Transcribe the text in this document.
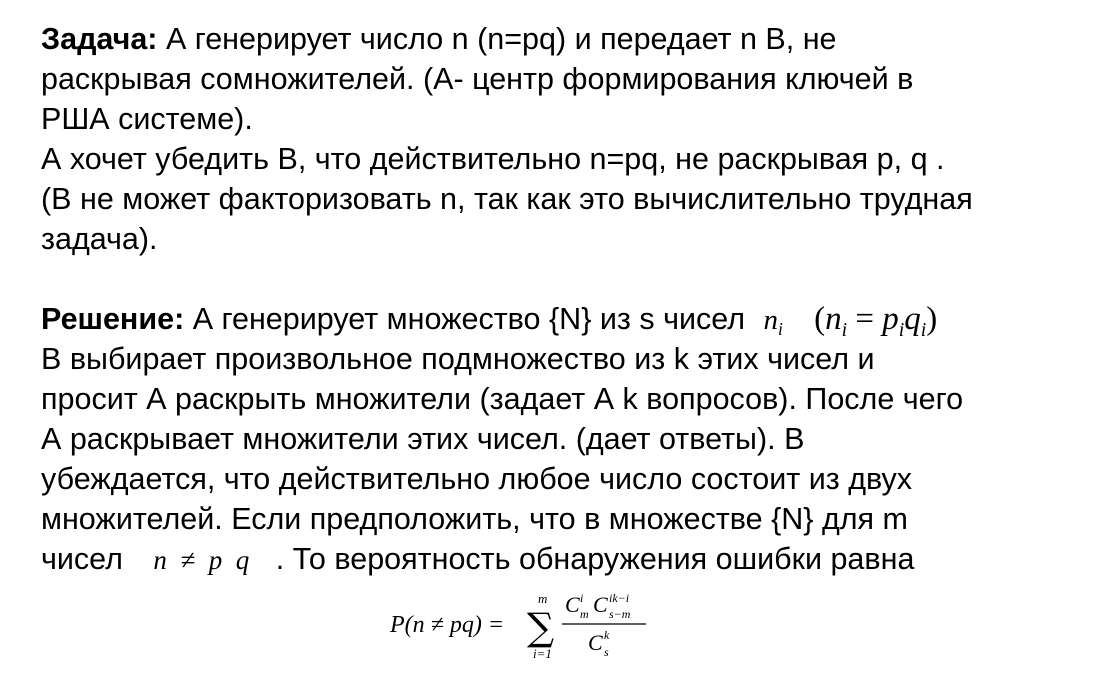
Задача: А генерирует число n (n=pq) и передает n B, не
раскрывая сомножителей. (А- центр формирования ключей в
РША системе).
А хочет убедить В, что действительно n=pq, не раскрывая p, q .
(В не может факторизовать n, так как это вычислительно трудная
задача).
Решение: А генерирует множество {N} из s чисел $n_i$ $(n_i = p_iq_i)$
В выбирает произвольное подмножество из k этих чисел и
просит А раскрыть множители (задает А k вопросов). После чего
А раскрывает множители этих чисел. (дает ответы). В
убеждается, что действительно любое число состоит из двух
множителей. Если предположить, что в множестве {N} для m
чисел n  ≠  p  q . То вероятность обнаружения ошибки равна
P(n ≠ pq) =
m
∑
i=1
C i
m C ik−i
s−m
C k
s
